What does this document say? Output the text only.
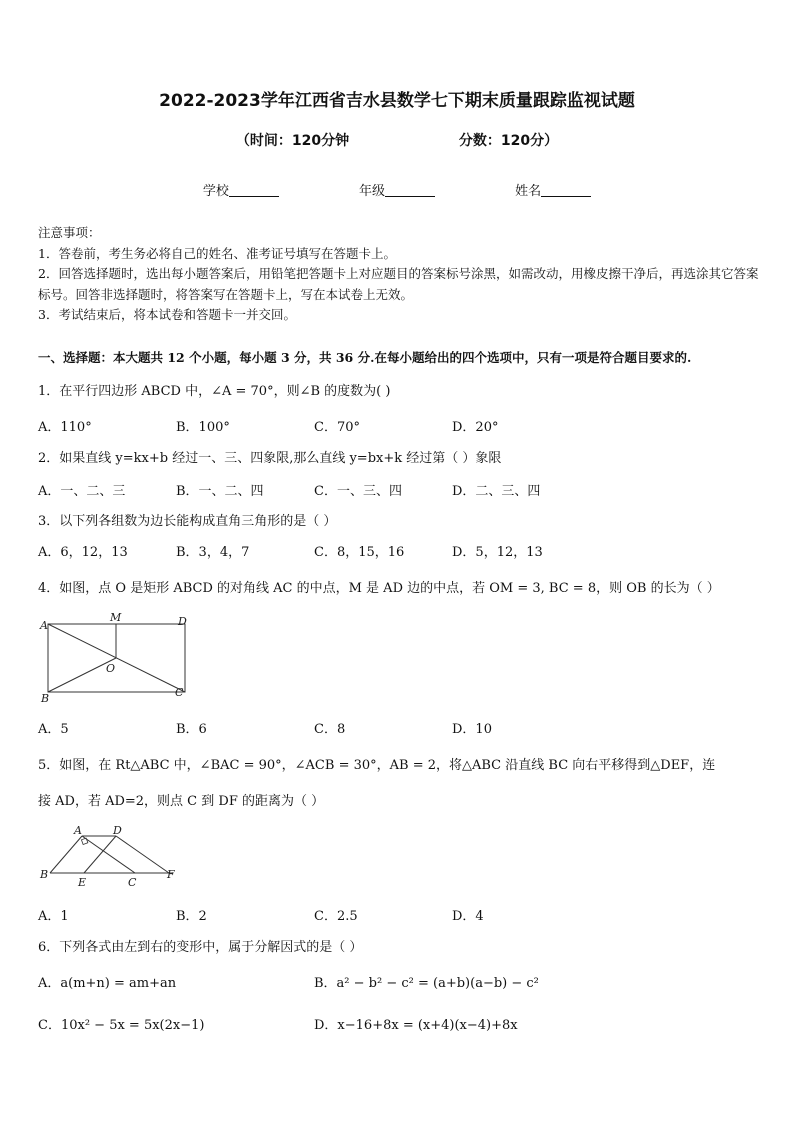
2022-2023学年江西省吉水县数学七下期末质量跟踪监视试题
（时间：120分钟	分数：120分）
学校	年级	姓名

注意事项：

1．答卷前，考生务必将自己的姓名、准考证号填写在答题卡上。

2．回答选择题时，选出每小题答案后，用铅笔把答题卡上对应题目的答案标号涂黑，如需改动，用橡皮擦干净后，再选涂其它答案标号。回答非选择题时，将答案写在答题卡上，写在本试卷上无效。

3．考试结束后，将本试卷和答题卡一并交回。

一、选择题：本大题共 12 个小题，每小题 3 分，共 36 分.在每小题给出的四个选项中，只有一项是符合题目要求的.
1．在平行四边形 ABCD 中，∠A = 70°，则∠B 的度数为( )
A．110°	B．100°	C．70°	D．20°
2．如果直线 y=kx+b 经过一、三、四象限,那么直线 y=bx+k 经过第（ ）象限
A．一、二、三	B．一、二、四	C．一、三、四	D．二、三、四
3．以下列各组数为边长能构成直角三角形的是（ ）
A．6，12，13	B．3，4，7	C．8，15，16	D．5，12，13
4．如图，点 O 是矩形 ABCD 的对角线 AC 的中点，M 是 AD 边的中点，若 OM = 3, BC = 8，则 OB 的长为（ ）
A
M	D
O
B	C
A．5	B．6	C．8	D．10
5．如图，在 Rt△ABC 中，∠BAC = 90°，∠ACB = 30°，AB = 2，将△ABC 沿直线 BC 向右平移得到△DEF，连
接 AD，若 AD=2，则点 C 到 DF 的距离为（ ）
A	D
B
E	C
F
A．1	B．2	C．2.5	D．4
6．下列各式由左到右的变形中，属于分解因式的是（ ）
A．a(m+n) = am+an	B．a² − b² − c² = (a+b)(a−b) − c²
C．10x² − 5x = 5x(2x−1)	D．x−16+8x = (x+4)(x−4)+8x
